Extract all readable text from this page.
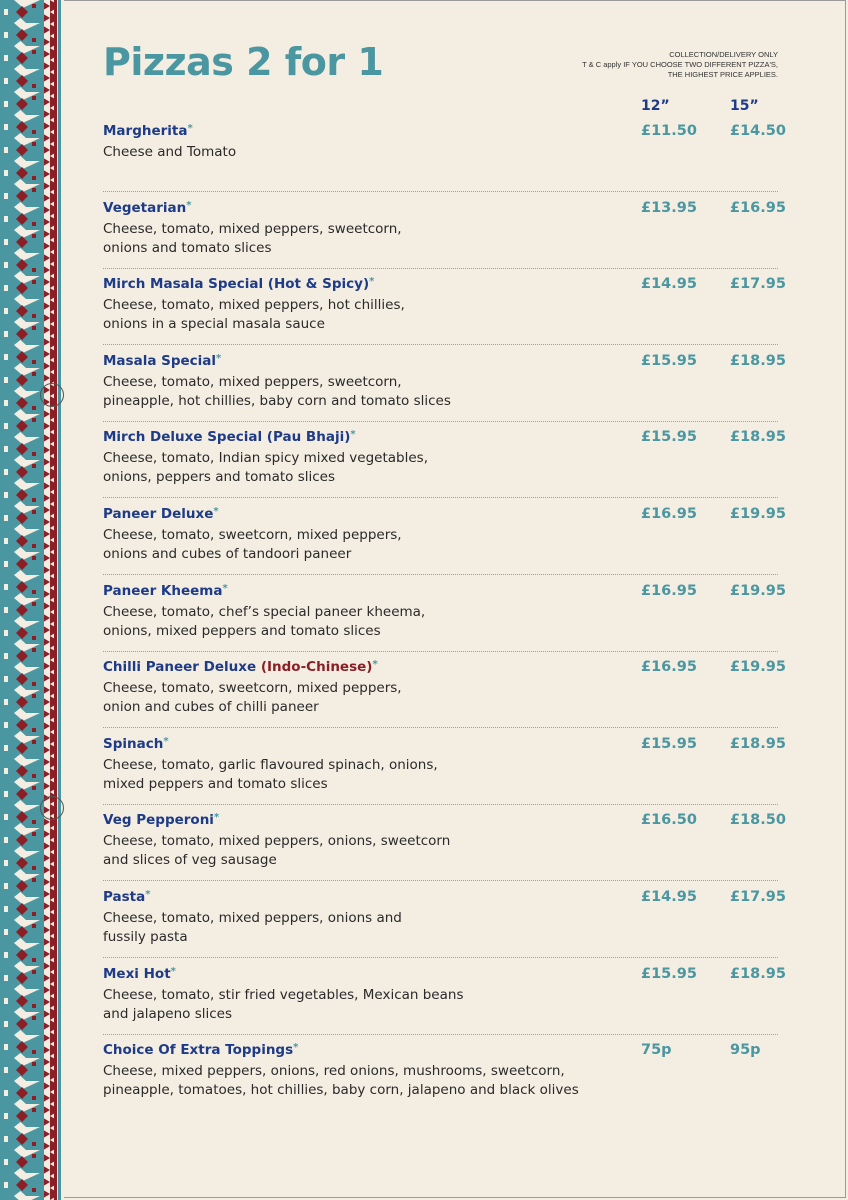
Pizzas 2 for 1	COLLECTION/DELIVERY ONLY
T & C apply IF YOU CHOOSE TWO DIFFERENT PIZZA'S,
THE HIGHEST PRICE APPLIES.
12”	15”
Margherita*
Cheese and Tomato
£11.50 £14.50
Vegetarian*
Cheese, tomato, mixed peppers, sweetcorn,
onions and tomato slices
£13.95 £16.95
Mirch Masala Special (Hot & Spicy)*
Cheese, tomato, mixed peppers, hot chillies,
onions in a special masala sauce
£14.95 £17.95
Masala Special*
Cheese, tomato, mixed peppers, sweetcorn,
pineapple, hot chillies, baby corn and tomato slices
£15.95 £18.95
Mirch Deluxe Special (Pau Bhaji)*
Cheese, tomato, Indian spicy mixed vegetables,
onions, peppers and tomato slices
£15.95 £18.95
Paneer Deluxe*
Cheese, tomato, sweetcorn, mixed peppers,
onions and cubes of tandoori paneer
£16.95 £19.95
Paneer Kheema*
Cheese, tomato, chef’s special paneer kheema,
onions, mixed peppers and tomato slices
£16.95 £19.95
Chilli Paneer Deluxe (Indo-Chinese)*
Cheese, tomato, sweetcorn, mixed peppers,
onion and cubes of chilli paneer
£16.95 £19.95
Spinach*
Cheese, tomato, garlic flavoured spinach, onions,
mixed peppers and tomato slices
£15.95 £18.95
Veg Pepperoni*
Cheese, tomato, mixed peppers, onions, sweetcorn
and slices of veg sausage
£16.50 £18.50
Pasta*
Cheese, tomato, mixed peppers, onions and
fussily pasta
£14.95 £17.95
Mexi Hot*
Cheese, tomato, stir fried vegetables, Mexican beans
and jalapeno slices
£15.95 £18.95
Choice Of Extra Toppings*
Cheese, mixed peppers, onions, red onions, mushrooms, sweetcorn,
pineapple, tomatoes, hot chillies, baby corn, jalapeno and black olives
75p	95p
